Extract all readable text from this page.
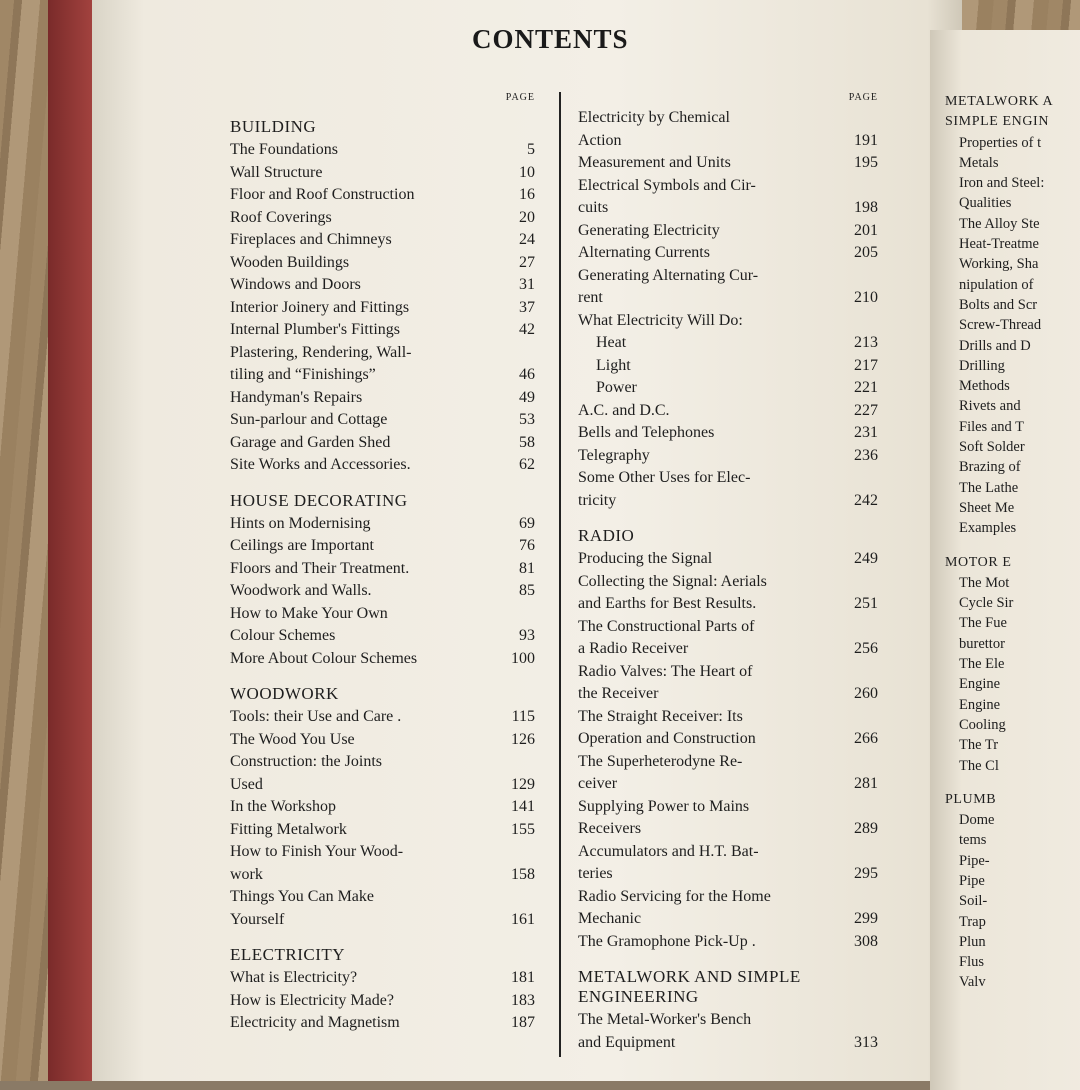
CONTENTS
PAGE
BUILDING
The Foundations	5
Wall Structure	10
Floor and Roof Construction	16
Roof Coverings	20
Fireplaces and Chimneys	24
Wooden Buildings	27
Windows and Doors	31
Interior Joinery and Fittings	37
Internal Plumber's Fittings	42
Plastering, Rendering, Wall-
tiling and “Finishings”	46
Handyman's Repairs	49
Sun-parlour and Cottage	53
Garage and Garden Shed	58
Site Works and Accessories.	62
HOUSE DECORATING
Hints on Modernising	69
Ceilings are Important	76
Floors and Their Treatment.	81
Woodwork and Walls.	85
How to Make Your Own
Colour Schemes	93
More About Colour Schemes	100
WOODWORK
Tools: their Use and Care .	115
The Wood You Use	126
Construction: the Joints
Used	129
In the Workshop	141
Fitting Metalwork	155
How to Finish Your Wood-
work	158
Things You Can Make
Yourself	161
ELECTRICITY
What is Electricity?	181
How is Electricity Made?	183
Electricity and Magnetism	187
PAGE
Electricity by Chemical
Action	191
Measurement and Units	195
Electrical Symbols and Cir-
cuits	198
Generating Electricity	201
Alternating Currents	205
Generating Alternating Cur-
rent	210
What Electricity Will Do:
Heat	213
Light	217
Power	221
A.C. and D.C.	227
Bells and Telephones	231
Telegraphy	236
Some Other Uses for Elec-
tricity	242
RADIO
Producing the Signal	249
Collecting the Signal: Aerials
and Earths for Best Results.	251
The Constructional Parts of
a Radio Receiver	256
Radio Valves: The Heart of
the Receiver	260
The Straight Receiver: Its
Operation and Construction	266
The Superheterodyne Re-
ceiver	281
Supplying Power to Mains
Receivers	289
Accumulators and H.T. Bat-
teries	295
Radio Servicing for the Home
Mechanic	299
The Gramophone Pick-Up .	308
METALWORK AND SIMPLE ENGINEERING
The Metal-Worker's Bench
and Equipment	313
METALWORK A
SIMPLE ENGIN
Properties of t
Metals
Iron and Steel:
Qualities
The Alloy Ste
Heat-Treatme
Working, Sha
nipulation of
Bolts and Scr
Screw-Thread
Drills and D
Drilling
Methods
Rivets and
Files and T
Soft Solder
Brazing of
The Lathe
Sheet Me
Examples
MOTOR E
The Mot
Cycle Sir
The Fue
burettor
The Ele
Engine
Engine
Cooling
The Tr
The Cl
PLUMB
Dome
tems
Pipe-
Pipe
Soil-
Trap
Plun
Flus
Valv
